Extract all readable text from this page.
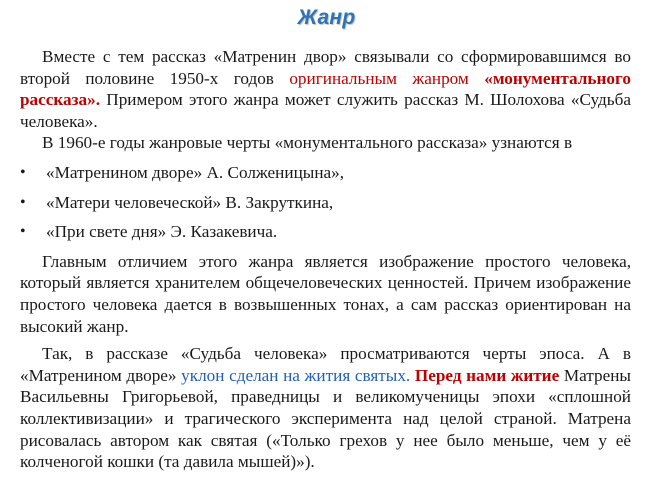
Жанр

Вместе с тем рассказ «Матренин двор» связывали со сформировавшимся во второй половине 1950-х годов оригинальным жанром «монументального рассказа». Примером этого жанра может служить рассказ М. Шолохова «Судьба человека».

В 1960-е годы жанровые черты «монументального рассказа» узнаются в

• «Матренином дворе» А. Солженицына»,
• «Матери человеческой» В. Закруткина,
• «При свете дня» Э. Казакевича.

Главным отличием этого жанра является изображение простого человека, который является хранителем общечеловеческих ценностей. Причем изображение простого человека дается в возвышенных тонах, а сам рассказ ориентирован на высокий жанр.

Так, в рассказе «Судьба человека» просматриваются черты эпоса. А в «Матренином дворе» уклон сделан на жития святых. Перед нами житие Матрены Васильевны Григорьевой, праведницы и великомученицы эпохи «сплошной коллективизации» и трагического эксперимента над целой страной. Матрена рисовалась автором как святая («Только грехов у нее было меньше, чем у её колченогой кошки (та давила мышей)»).
